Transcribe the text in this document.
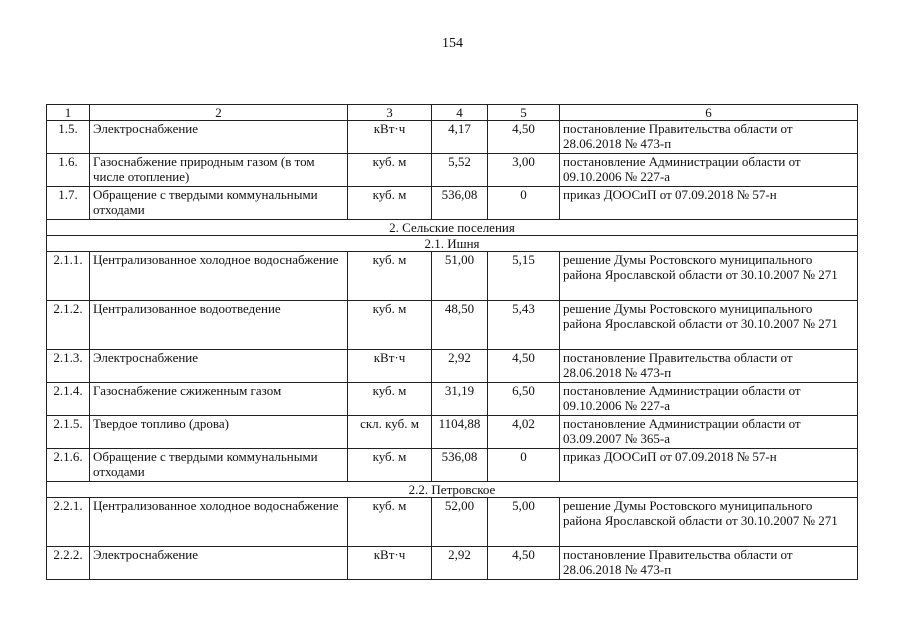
154
1	2	3	4	5	6
1.5.	Электроснабжение	кВт·ч	4,17	4,50	постановление Правительства области от 28.06.2018 № 473-п
1.6.	Газоснабжение природным газом (в том числе отопление)	куб. м	5,52	3,00	постановление Администрации области от 09.10.2006 № 227-а
1.7.	Обращение с твердыми коммунальными отходами	куб. м	536,08	0	приказ ДООСиП от 07.09.2018 № 57-н
2. Сельские поселения					
2.1. Ишня					
2.1.1.	Централизованное холодное водоснабжение	куб. м	51,00	5,15	решение Думы Ростовского муниципального района Ярославской области от 30.10.2007 № 271
2.1.2.	Централизованное водоотведение	куб. м	48,50	5,43	решение Думы Ростовского муниципального района Ярославской области от 30.10.2007 № 271
2.1.3.	Электроснабжение	кВт·ч	2,92	4,50	постановление Правительства области от 28.06.2018 № 473-п
2.1.4.	Газоснабжение сжиженным газом	куб. м	31,19	6,50	постановление Администрации области от 09.10.2006 № 227-а
2.1.5.	Твердое топливо (дрова)	скл. куб. м	1104,88	4,02	постановление Администрации области от 03.09.2007 № 365-а
2.1.6.	Обращение с твердыми коммунальными отходами	куб. м	536,08	0	приказ ДООСиП от 07.09.2018 № 57-н
2.2. Петровское					
2.2.1.	Централизованное холодное водоснабжение	куб. м	52,00	5,00	решение Думы Ростовского муниципального района Ярославской области от 30.10.2007 № 271
2.2.2.	Электроснабжение	кВт·ч	2,92	4,50	постановление Правительства области от 28.06.2018 № 473-п
